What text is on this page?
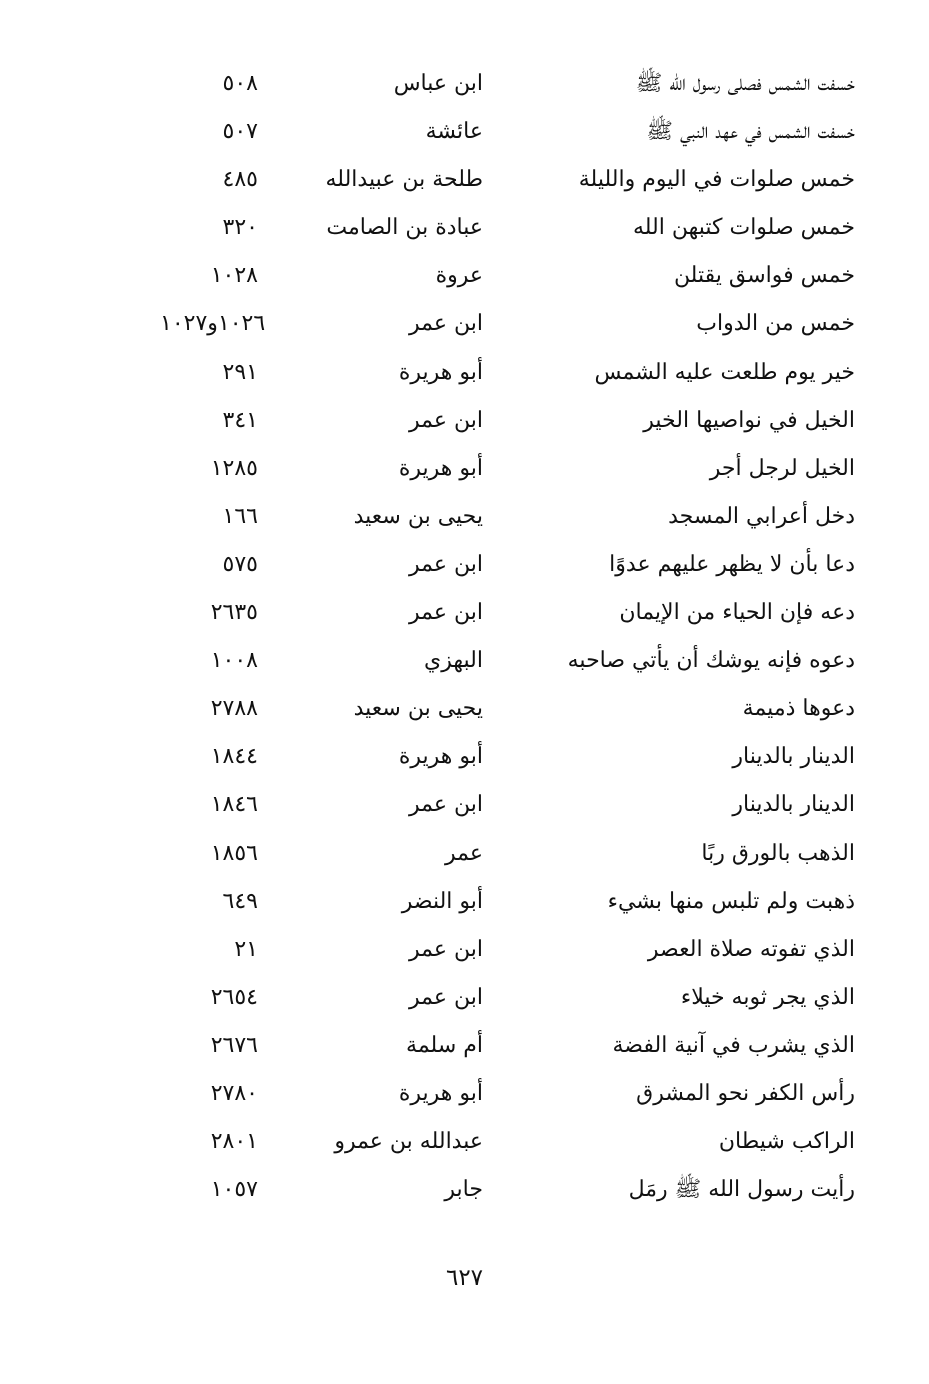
خسفت الشمس فصلى رسول الله ﷺ
ابن عباس
٥٠٨
خسفت الشمس في عهد النبي ﷺ
عائشة
٥٠٧
خمس صلوات في اليوم والليلة
طلحة بن عبيدالله
٤٨٥
خمس صلوات كتبهن الله
عبادة بن الصامت
٣٢٠
خمس فواسق يقتلن
عروة
١٠٢٨
خمس من الدواب
ابن عمر
١٠٢٦و١٠٢٧
خير يوم طلعت عليه الشمس
أبو هريرة
٢٩١
الخيل في نواصيها الخير
ابن عمر
٣٤١
الخيل لرجل أجر
أبو هريرة
١٢٨٥
دخل أعرابي المسجد
يحيى بن سعيد
١٦٦
دعا بأن لا يظهر عليهم عدوًا
ابن عمر
٥٧٥
دعه فإن الحياء من الإيمان
ابن عمر
٢٦٣٥
دعوه فإنه يوشك أن يأتي صاحبه
البهزي
١٠٠٨
دعوها ذميمة
يحيى بن سعيد
٢٧٨٨
الدينار بالدينار
أبو هريرة
١٨٤٤
الدينار بالدينار
ابن عمر
١٨٤٦
الذهب بالورق ربًا
عمر
١٨٥٦
ذهبت ولم تلبس منها بشيء
أبو النضر
٦٤٩
الذي تفوته صلاة العصر
ابن عمر
٢١
الذي يجر ثوبه خيلاء
ابن عمر
٢٦٥٤
الذي يشرب في آنية الفضة
أم سلمة
٢٦٧٦
رأس الكفر نحو المشرق
أبو هريرة
٢٧٨٠
الراكب شيطان
عبدالله بن عمرو
٢٨٠١
رأيت رسول الله ﷺ رمَل
جابر
١٠٥٧
٦٢٧
